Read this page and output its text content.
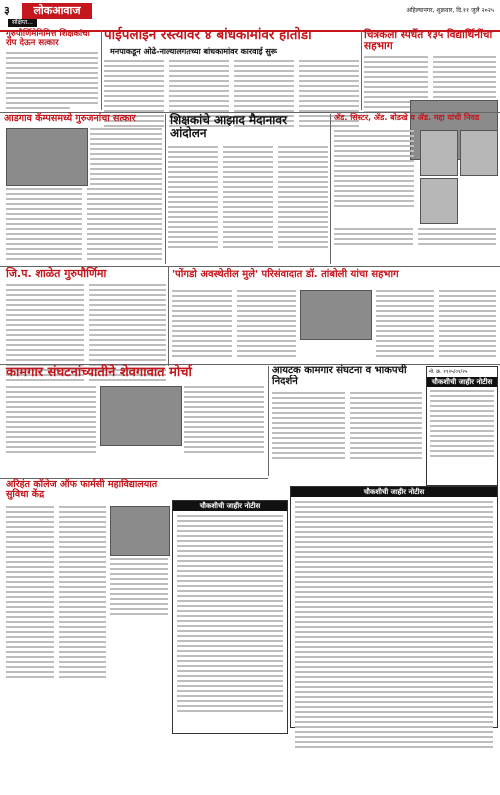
३	लोकआवाज	अहिल्यानगर, शुक्रवार, दि.११ जुलै २०२५
संक्षिप्त...
गुरुपौर्णिमेनिमित्त शिक्षकांचा रोप देऊन सत्कार	पाईपलाइन रस्त्यावर ४ बांधकामांवर हातोडा
मनपाकडून ओढे-नाल्यालगतच्या बांधकामांवर कारवाई सुरू
चित्रकला स्पर्धेत १३५ विद्यार्थिनींचा सहभाग
आडगाव कॅम्पसमध्ये गुरुजनांचा सत्कार	शिक्षकांचे आझाद मैदानावर आंदोलन
ॲड. सिस्टर, ॲड. बोडखे व ॲड. मद्दा यांची निवड
जि.प. शाळेत गुरुपौर्णिमा	'पोंगडो अवस्थेतील मुले' परिसंवादात डॉ. तांबोली यांचा सहभाग
कामगार संघटनांच्यातीने शेवगावात मोर्चा	आयटक कामगार संघटना व भाकपची निदर्शने
नो. क्र. ११२५/०१/२५
चौकशीची जाहीर नोटीस
अरिहंत कॉलेज ऑफ फार्मसी महाविद्यालयात सुविधा केंद्र
चौकशीची जाहीर नोटीस
चौकशीची जाहीर नोटीस
